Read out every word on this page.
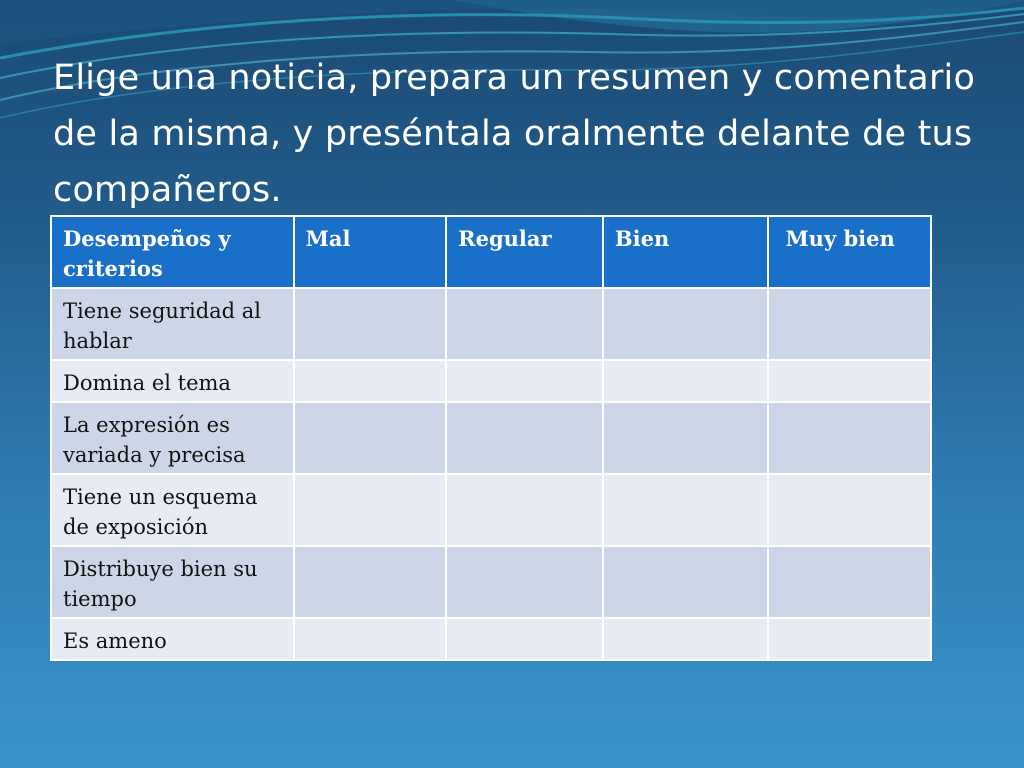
Elige una noticia, prepara un resumen y comentario de la misma, y preséntala oralmente delante de tus compañeros.
Desempeños y criterios	Mal	Regular	Bien	Muy bien
Tiene seguridad al hablar				
Domina el tema				
La expresión es variada y precisa				
Tiene un esquema de exposición				
Distribuye bien su tiempo				
Es ameno				
